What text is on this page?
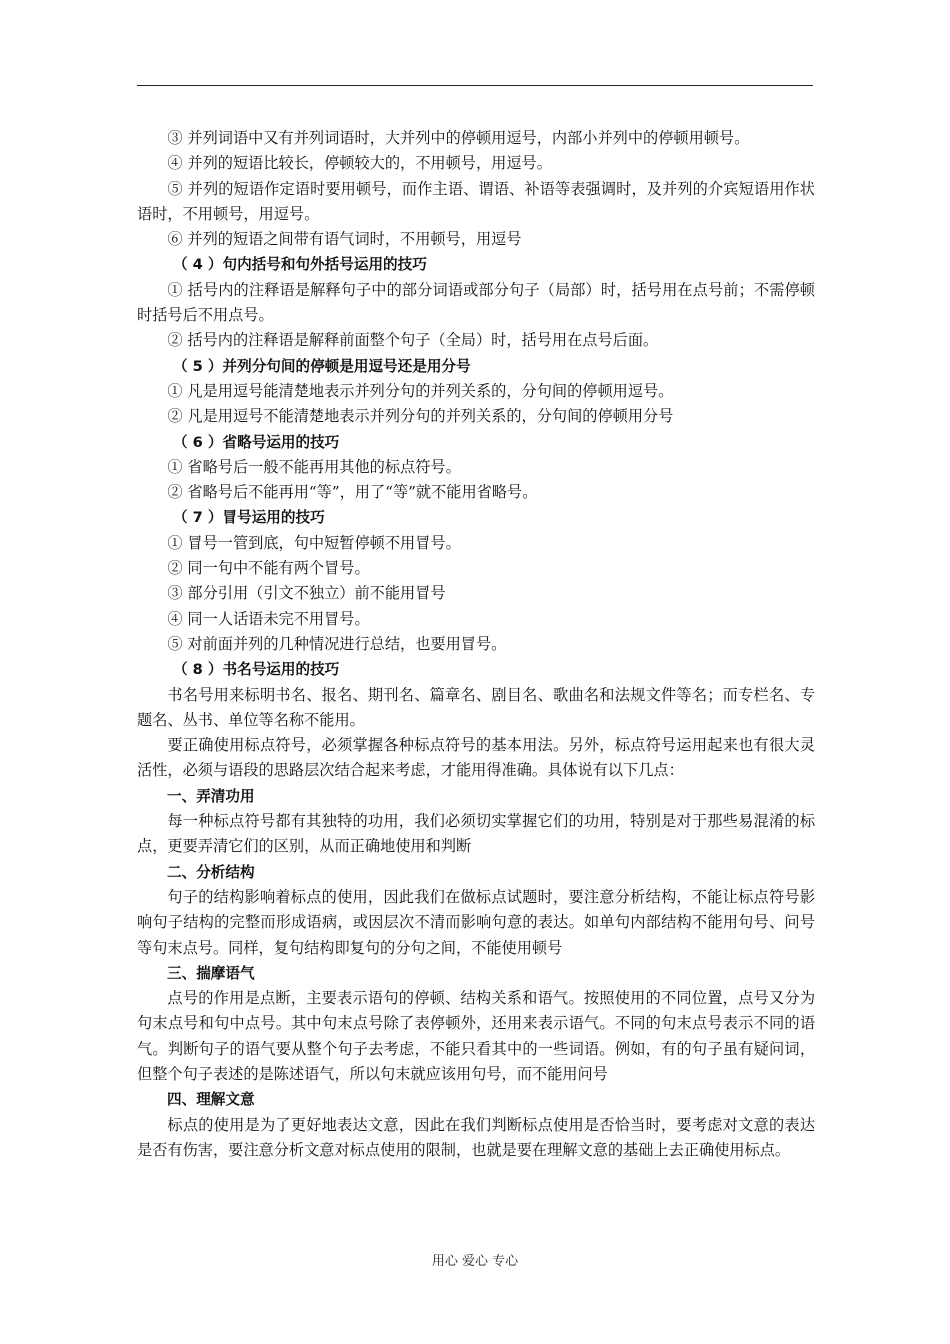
③ 并列词语中又有并列词语时，大并列中的停顿用逗号，内部小并列中的停顿用顿号。

④ 并列的短语比较长，停顿较大的，不用顿号，用逗号。

⑤ 并列的短语作定语时要用顿号，而作主语、谓语、补语等表强调时，及并列的介宾短语用作状语时，不用顿号，用逗号。

⑥ 并列的短语之间带有语气词时，不用顿号，用逗号

（ 4 ）句内括号和句外括号运用的技巧

① 括号内的注释语是解释句子中的部分词语或部分句子（局部）时，括号用在点号前；不需停顿时括号后不用点号。

② 括号内的注释语是解释前面整个句子（全局）时，括号用在点号后面。

（ 5 ）并列分句间的停顿是用逗号还是用分号

① 凡是用逗号能清楚地表示并列分句的并列关系的，分句间的停顿用逗号。

② 凡是用逗号不能清楚地表示并列分句的并列关系的，分句间的停顿用分号

（ 6 ）省略号运用的技巧

① 省略号后一般不能再用其他的标点符号。

② 省略号后不能再用“等”，用了“等”就不能用省略号。

（ 7 ）冒号运用的技巧

① 冒号一管到底，句中短暂停顿不用冒号。

② 同一句中不能有两个冒号。

③ 部分引用（引文不独立）前不能用冒号

④ 同一人话语未完不用冒号。

⑤ 对前面并列的几种情况进行总结，也要用冒号。

（ 8 ）书名号运用的技巧

书名号用来标明书名、报名、期刊名、篇章名、剧目名、歌曲名和法规文件等名；而专栏名、专题名、丛书、单位等名称不能用。

要正确使用标点符号，必须掌握各种标点符号的基本用法。另外，标点符号运用起来也有很大灵活性，必须与语段的思路层次结合起来考虑，才能用得准确。具体说有以下几点：

一、弄清功用

每一种标点符号都有其独特的功用，我们必须切实掌握它们的功用，特别是对于那些易混淆的标点，更要弄清它们的区别，从而正确地使用和判断

二、分析结构

句子的结构影响着标点的使用，因此我们在做标点试题时，要注意分析结构，不能让标点符号影响句子结构的完整而形成语病，或因层次不清而影响句意的表达。如单句内部结构不能用句号、问号等句末点号。同样，复句结构即复句的分句之间，不能使用顿号

三、揣摩语气

点号的作用是点断，主要表示语句的停顿、结构关系和语气。按照使用的不同位置，点号又分为句末点号和句中点号。其中句末点号除了表停顿外，还用来表示语气。不同的句末点号表示不同的语气。判断句子的语气要从整个句子去考虑，不能只看其中的一些词语。例如，有的句子虽有疑问词，但整个句子表述的是陈述语气，所以句末就应该用句号，而不能用问号

四、理解文意

标点的使用是为了更好地表达文意，因此在我们判断标点使用是否恰当时，要考虑对文意的表达是否有伤害，要注意分析文意对标点使用的限制，也就是要在理解文意的基础上去正确使用标点。

用心 爱心 专心
